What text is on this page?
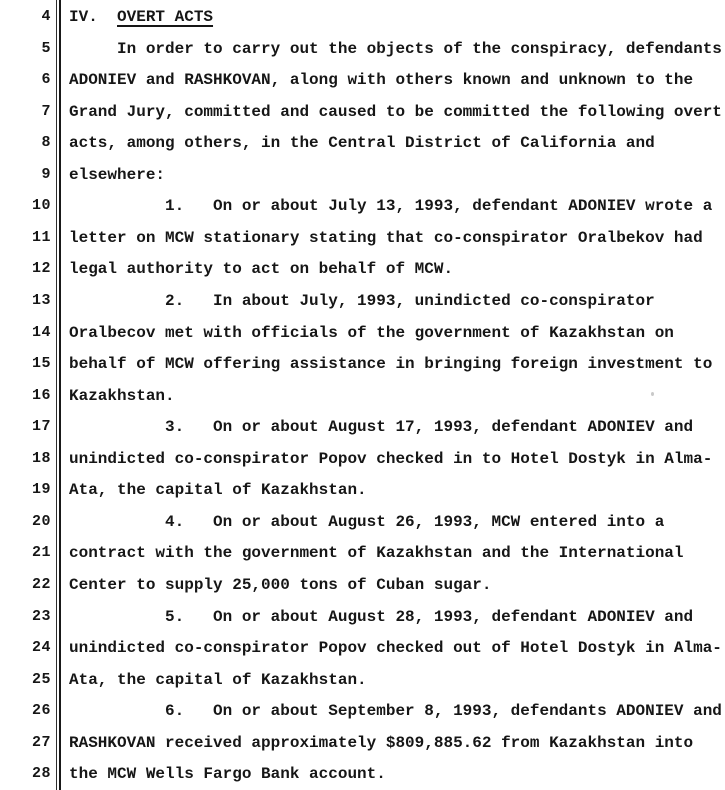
4 IV.  OVERT ACTS
5 In order to carry out the objects of the conspiracy, defendants
6 ADONIEV and RASHKOVAN, along with others known and unknown to the
7 Grand Jury, committed and caused to be committed the following overt
8 acts, among others, in the Central District of California and
9 elsewhere:
10 1.   On or about July 13, 1993, defendant ADONIEV wrote a
11 letter on MCW stationary stating that co-conspirator Oralbekov had
12 legal authority to act on behalf of MCW.
13 2.   In about July, 1993, unindicted co-conspirator
14 Oralbecov met with officials of the government of Kazakhstan on
15 behalf of MCW offering assistance in bringing foreign investment to
16 Kazakhstan.
17 3.   On or about August 17, 1993, defendant ADONIEV and
18 unindicted co-conspirator Popov checked in to Hotel Dostyk in Alma-
19 Ata, the capital of Kazakhstan.
20 4.   On or about August 26, 1993, MCW entered into a
21 contract with the government of Kazakhstan and the International
22 Center to supply 25,000 tons of Cuban sugar.
23 5.   On or about August 28, 1993, defendant ADONIEV and
24 unindicted co-conspirator Popov checked out of Hotel Dostyk in Alma-
25 Ata, the capital of Kazakhstan.
26 6.   On or about September 8, 1993, defendants ADONIEV and
27 RASHKOVAN received approximately $809,885.62 from Kazakhstan into
28 the MCW Wells Fargo Bank account.
